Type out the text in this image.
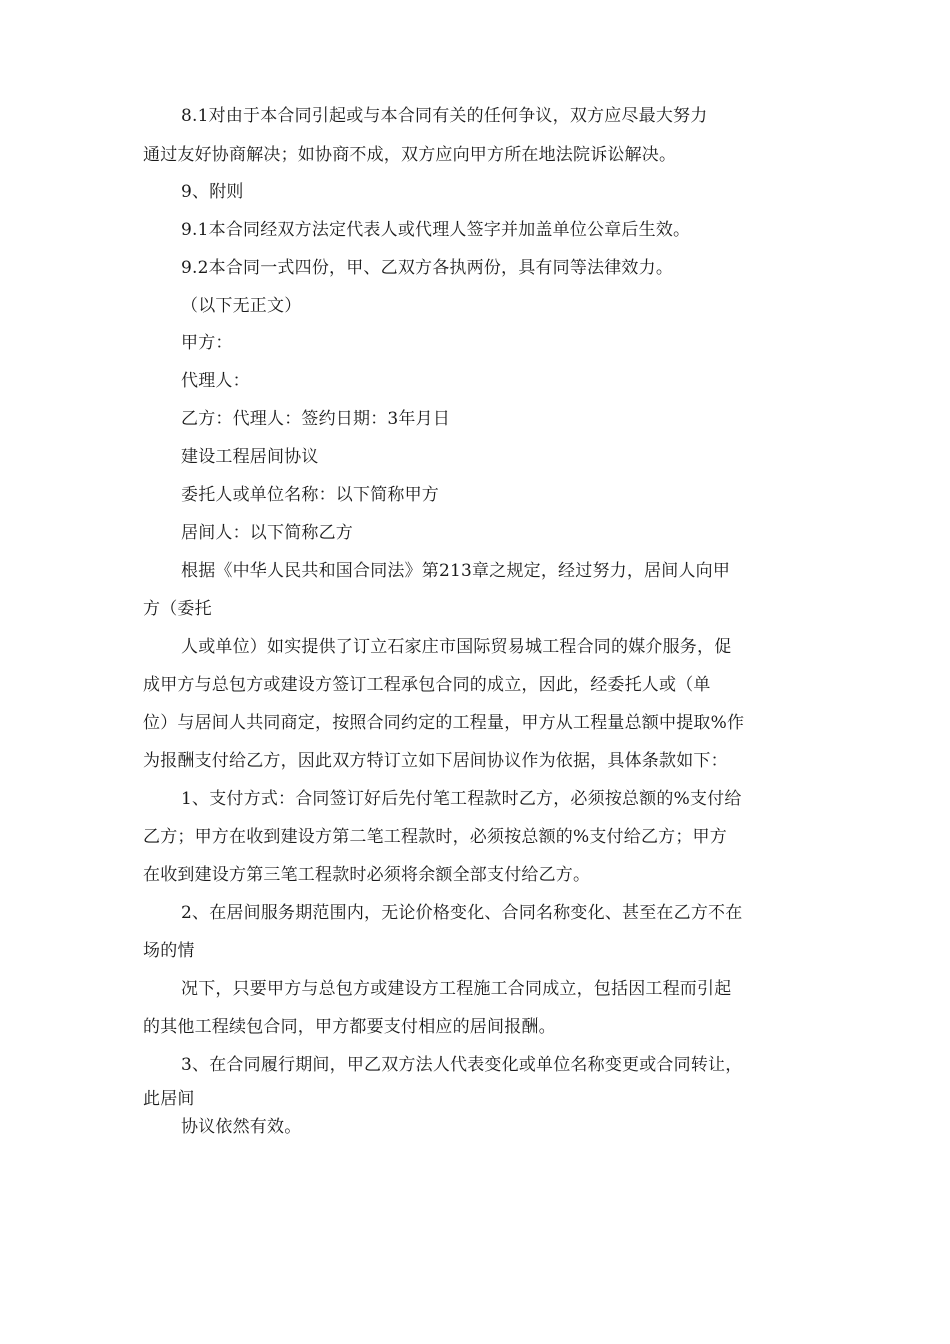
8.1对由于本合同引起或与本合同有关的任何争议，双方应尽最大努力
通过友好协商解决；如协商不成，双方应向甲方所在地法院诉讼解决。
9、附则
9.1本合同经双方法定代表人或代理人签字并加盖单位公章后生效。
9.2本合同一式四份，甲、乙双方各执两份，具有同等法律效力。
（以下无正文）
甲方：
代理人：
乙方：代理人：签约日期：3年月日
建设工程居间协议
委托人或单位名称：以下简称甲方
居间人：以下简称乙方
根据《中华人民共和国合同法》第213章之规定，经过努力，居间人向甲
方（委托
人或单位）如实提供了订立石家庄市国际贸易城工程合同的媒介服务，促
成甲方与总包方或建设方签订工程承包合同的成立，因此，经委托人或（单
位）与居间人共同商定，按照合同约定的工程量，甲方从工程量总额中提取%作
为报酬支付给乙方，因此双方特订立如下居间协议作为依据，具体条款如下：
1、支付方式：合同签订好后先付笔工程款时乙方，必须按总额的%支付给
乙方；甲方在收到建设方第二笔工程款时，必须按总额的%支付给乙方；甲方
在收到建设方第三笔工程款时必须将余额全部支付给乙方。
2、在居间服务期范围内，无论价格变化、合同名称变化、甚至在乙方不在
场的情
况下，只要甲方与总包方或建设方工程施工合同成立，包括因工程而引起
的其他工程续包合同，甲方都要支付相应的居间报酬。
3、在合同履行期间，甲乙双方法人代表变化或单位名称变更或合同转让，
此居间
协议依然有效。
